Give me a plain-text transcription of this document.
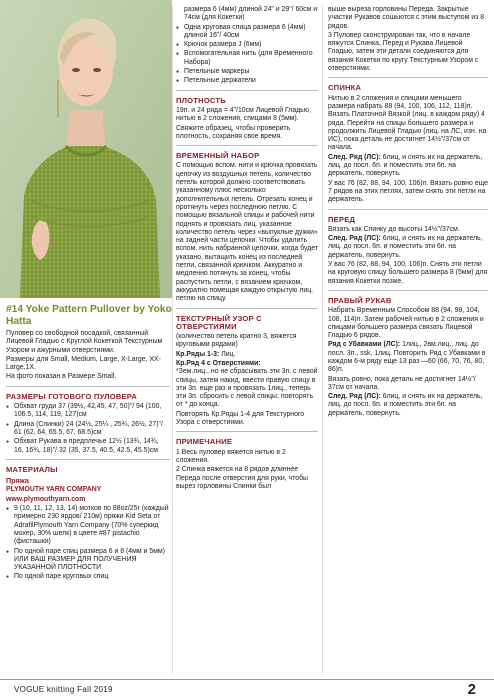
#14 Yoke Pattern Pullover by Yoko Hatta

Пуловер со свободной посадкой, связанный Лицевой Гладью с Круглой Кокеткой Текстурным Узором и ажурными отверстиями.

Размеры для Small, Medium, Large, X-Large, XX-Large,1X.

На фото показан в Размере Small.

РАЗМЕРЫ ГОТОВОГО ПУЛОВЕРА
● Обхват груди 37 (39½, 42,45, 47, 50)"/ 94 (100, 106.5, 114, 119, 127)см
● Длина (Спинки) 24 (24½, 25¼ , 25¾, 26½, 27)"/ 61 (62, 64, 65.5, 67, 68.5)см
● Обхват Рукава в предплечье 12½ (13¾, 14¾, 16, 16¾, 18)"/ 32 (35, 37.5, 40.5, 42.5, 45.5)см
МАТЕРИАЛЫ
Пряжа

PLYMOUTH YARN COMPANY

www.plymouthyarn.com

● 9 (10, 11, 12, 13, 14) мотков по 88oz/25г (каждый примерно 230 ярдов/ 210м) пряжи Kid Seta от AdrafilPlymouth Yarn Company (70% суперкид мохер, 30% шелк) в цвете #87 pistachio (фисташки)
● По одной паре спиц размера 6 и 8 (4мм и 5мм) ИЛИ ВАШ РАЗМЕР ДЛЯ ПОЛУЧЕНИЯ УКАЗАННОЙ ПЛОТНОСТИ
● По одной паре круговых спиц

размера 6 (4мм) длиной 24" и 29"/ 60см и 74см (для Кокетки)

● Одна круговая спица размера 6 (4мм) длиной 16"/ 40см
● Крючок размера J (6мм)
● Вспомогательная нить (для Временного Набора)
● Петельные маркеры
● Петельные держатели
ПЛОТНОСТЬ

19п. и 24 ряда = 4"/10см Лицевой Гладью, нитью в 2 сложения, спицами 8 (5мм).

Свяжите образец, чтобы проверить плотность, сохраняя свое время.

ВРЕМЕННЫЙ НАБОР

С помощью вспом. нити и крючка провязать цепочку из воздушных петель, количество петель которой должно соответствовать указанному плюс несколько дополнительных петель. Отрезать конец и протянуть через последнюю петлю. С помощью вязальной спицы и рабочей нити поднять и провязать лиц. указанное количество петель через «выпуклые дужки» на задней части цепочки. Чтобы удалить вспом. нить набранной цепочки, когда будет указано, вытащить конец из последней петли, связанной крючком. Аккуратно и медленно потянуть за конец, чтобы распустить петли, с вязанием крючком, аккуратно помещая каждую открытую лиц. петлю на спицу.

ТЕКСТУРНЫЙ УЗОР С ОТВЕРСТИЯМИ

(количество петель кратно 3, вяжется круговыми рядами)

Кр.Ряды 1-3: Лиц.

Кр.Ряд 4 с Отверстиями:
*Зем.лиц., но не сбрасывать эти 3п. с левой спицы, затем накид, ввести правую спицу в эти 3п. еще раз и провязать 1лиц., теперь эти 3п. сбросить с левой спицы; повторять от * до конца.

Повторять Кр.Ряды 1-4 для Текстурного Узора с отверстиями.

ПРИМЕЧАНИЕ

1 Весь пуловер вяжется нитью в 2 сложения.

2 Спинка вяжется на 8 рядов длиннее Переда после отверстия для руки, чтобы вырез горловины Спинки был

выше выреза горловины Переда. Закрытые участки Рукавов сошьются с этим выступом из 8 рядов.

3 Пуловер сконструирован так, что в начале вяжутся Спинка, Перед и Рукава Лицевой Гладью, затем эти детали соединяются для вязания Кокетки по кругу Текстурным Узором с отверстиями.

СПИНКА

Нитью в 2 сложения и спицами меньшего размера набрать 88 (94, 100, 106, 112, 118)п. Вязать Платочной Вязкой (лиц. в каждом ряду) 4 ряда. Перейти на спицы большего размера и продолжить Лицевой Гладью (лиц. на ЛС, изн. на ИС), пока деталь не достигнет 14½"/37см от начала.

След. Ряд (ЛС): 6лиц, и снять их на держатель, лиц. до посл. 6п. и поместить эти 6п. на держатель, повернуть.

У вас 76 (82, 88, 94, 100, 106)п. Вязать ровно еще 7 рядов на этих петлях, затем снять эти петли на держатель.

ПЕРЕД

Вязать как Спинку до высоты 14½"/37см.

След. Ряд (ЛС): 6лиц, и снять их на держатель, лиц. до посл. 6п. и поместить эти 6п. на держатель, повернуть.

У вас 76 (82, 88, 94, 100, 106)п. Снять эти петли на круговую спицу большего размера 8 (5мм) для вязания Кокетки позже.

ПРАВЫЙ РУКАВ

Набрать Временным Способом 88 (94, 98, 104, 108, 114)п. Затем рабочей нитью в 2 сложения и спицами большего размера связать Лицевой Гладью 6 рядов.

Ряд с Убавками (ЛС): 1лиц., 2вм.лиц., лиц. до посл. 3п., ssk, 1лиц. Повторить Ряд с Убавками в каждом 6-м ряду еще 13 раз —60 (66, 70, 76, 80, 86)п.

Вязать ровно, пока деталь не достигнет 14½"/ 37см от начала.

След. Ряд (ЛС): 6лиц, и снять их на держатель, лиц. до посл. 6п. и поместить эти 6п. на держатель, повернуть.

VOGUE knitting Fall 2019	2
